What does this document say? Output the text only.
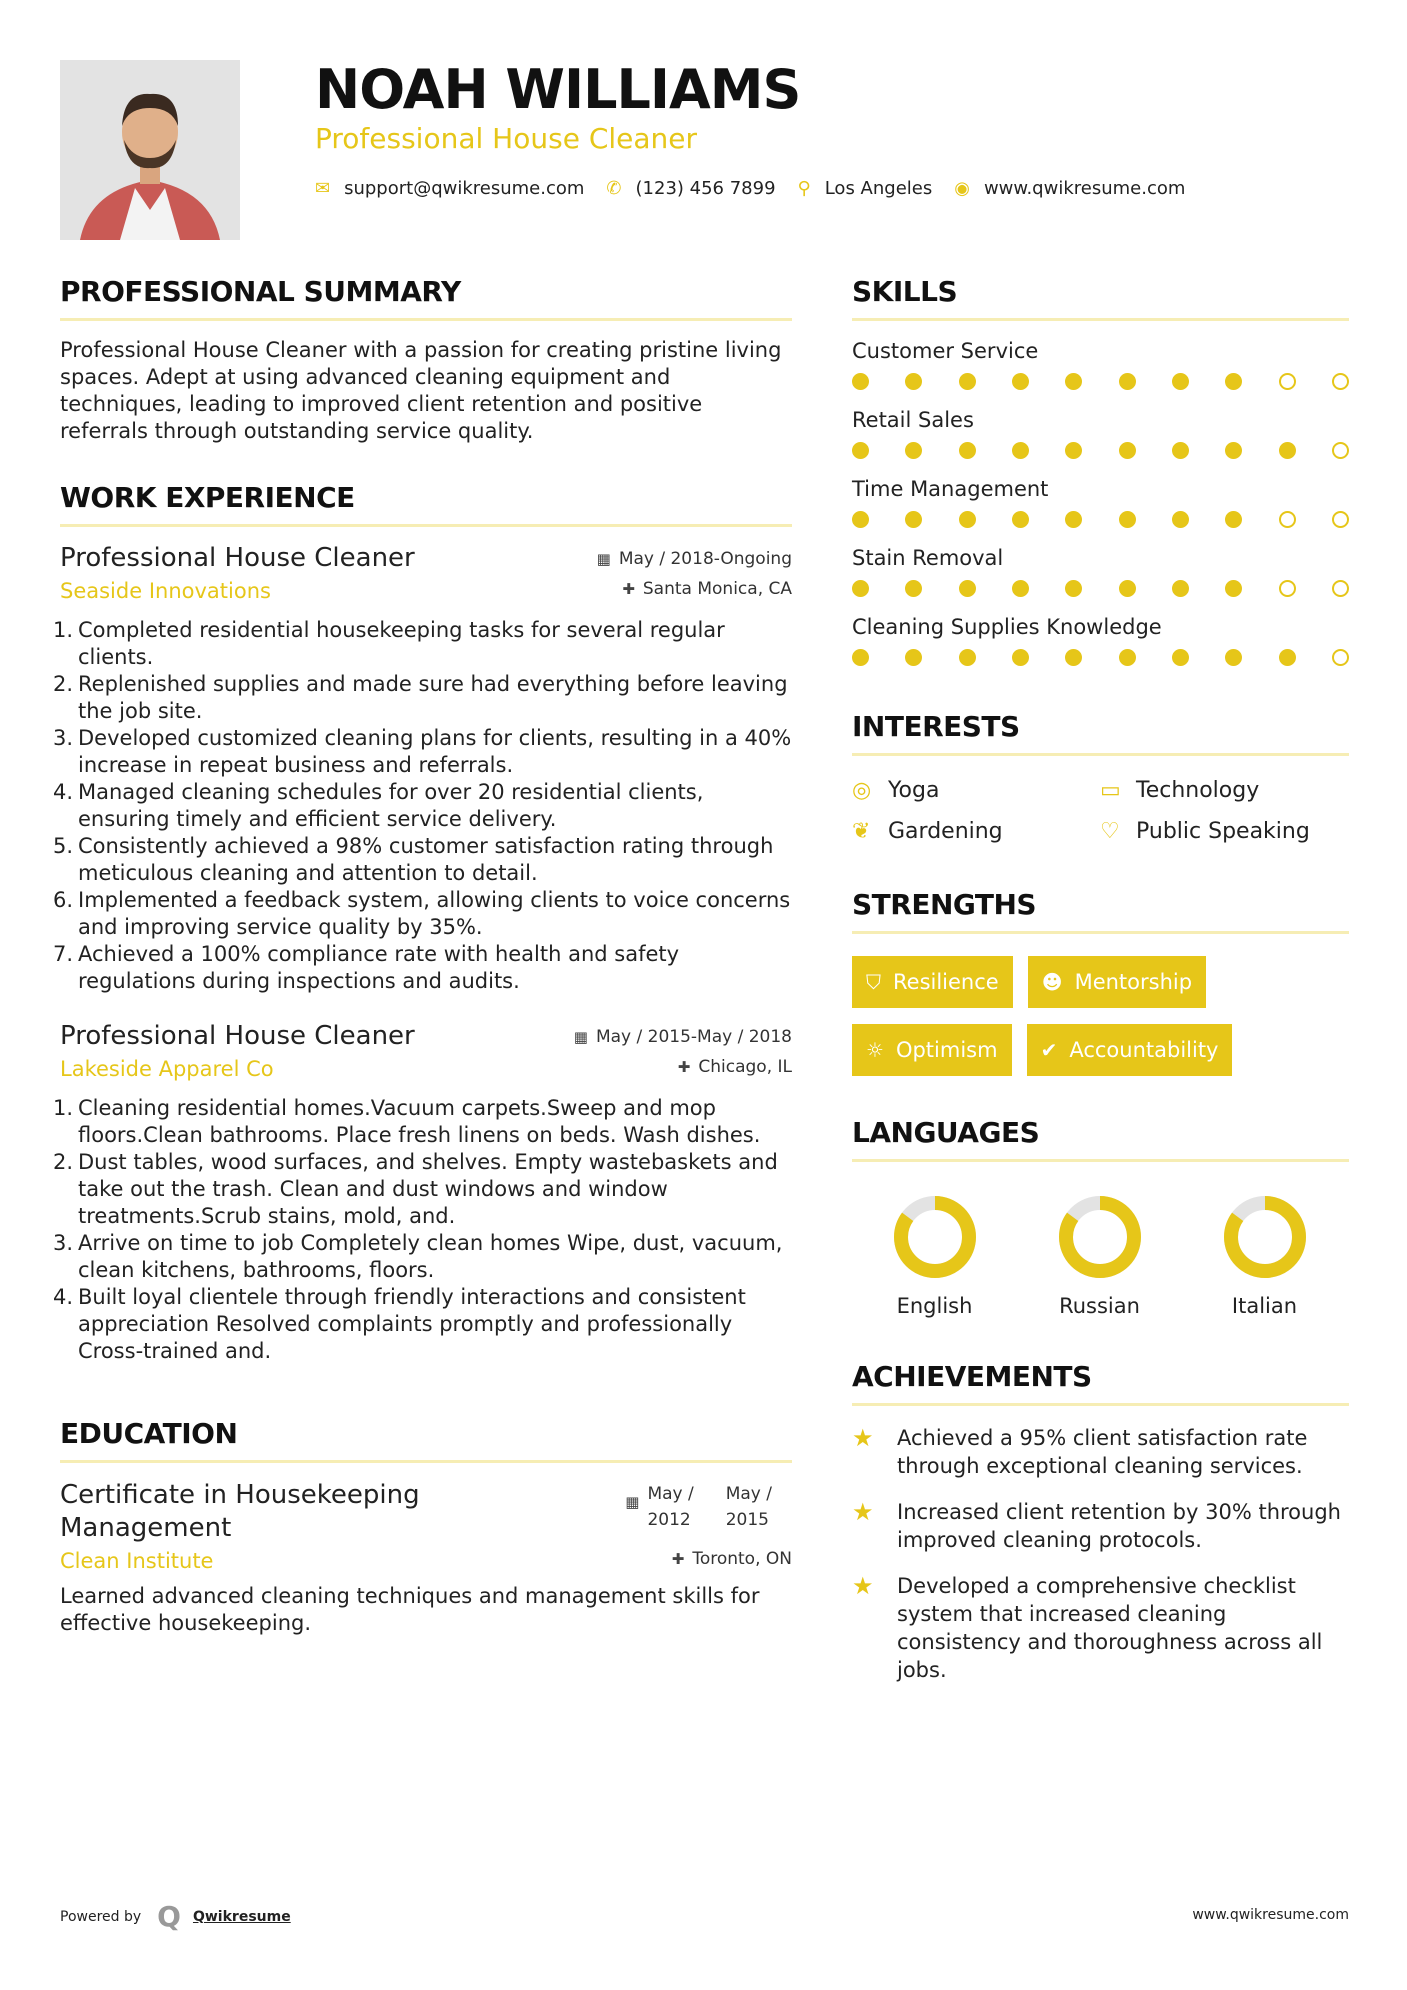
NOAH WILLIAMS
Professional House Cleaner
✉ support@qwikresume.com ✆ (123) 456 7899 ⚲ Los Angeles ◉ www.qwikresume.com
PROFESSIONAL SUMMARY
Professional House Cleaner with a passion for creating pristine living spaces. Adept at using advanced cleaning equipment and techniques, leading to improved client retention and positive referrals through outstanding service quality.
WORK EXPERIENCE
Professional House Cleaner	▦ May / 2018-Ongoing
Seaside Innovations	✚ Santa Monica, CA
Completed residential housekeeping tasks for several regular clients.
Replenished supplies and made sure had everything before leaving the job site.
Developed customized cleaning plans for clients, resulting in a 40% increase in repeat business and referrals.
Managed cleaning schedules for over 20 residential clients, ensuring timely and efficient service delivery.
Consistently achieved a 98% customer satisfaction rating through meticulous cleaning and attention to detail.
Implemented a feedback system, allowing clients to voice concerns and improving service quality by 35%.
Achieved a 100% compliance rate with health and safety regulations during inspections and audits.
Professional House Cleaner	▦ May / 2015-May / 2018
Lakeside Apparel Co	✚ Chicago, IL
Cleaning residential homes.Vacuum carpets.Sweep and mop floors.Clean bathrooms. Place fresh linens on beds. Wash dishes.
Dust tables, wood surfaces, and shelves. Empty wastebaskets and take out the trash. Clean and dust windows and window treatments.Scrub stains, mold, and.
Arrive on time to job Completely clean homes Wipe, dust, vacuum, clean kitchens, bathrooms, floors.
Built loyal clientele through friendly interactions and consistent appreciation Resolved complaints promptly and professionally Cross-trained and.
EDUCATION
Certificate in Housekeeping Management
▦ May /
2012
May /
2015
Clean Institute	✚ Toronto, ON
Learned advanced cleaning techniques and management skills for effective housekeeping.
SKILLS
Customer Service
Retail Sales
Time Management
Stain Removal
Cleaning Supplies Knowledge
INTERESTS
◎ Yoga	▭ Technology
❦ Gardening	♡ Public Speaking
STRENGTHS
⛉ Resilience ☻ Mentorship
☼ Optimism ✔ Accountability
LANGUAGES
English	Russian	Italian
ACHIEVEMENTS
★	Achieved a 95% client satisfaction rate through exceptional cleaning services.
★	Increased client retention by 30% through improved cleaning protocols.
★	Developed a comprehensive checklist system that increased cleaning consistency and thoroughness across all jobs.
Powered by Q Qwikresume	www.qwikresume.com
